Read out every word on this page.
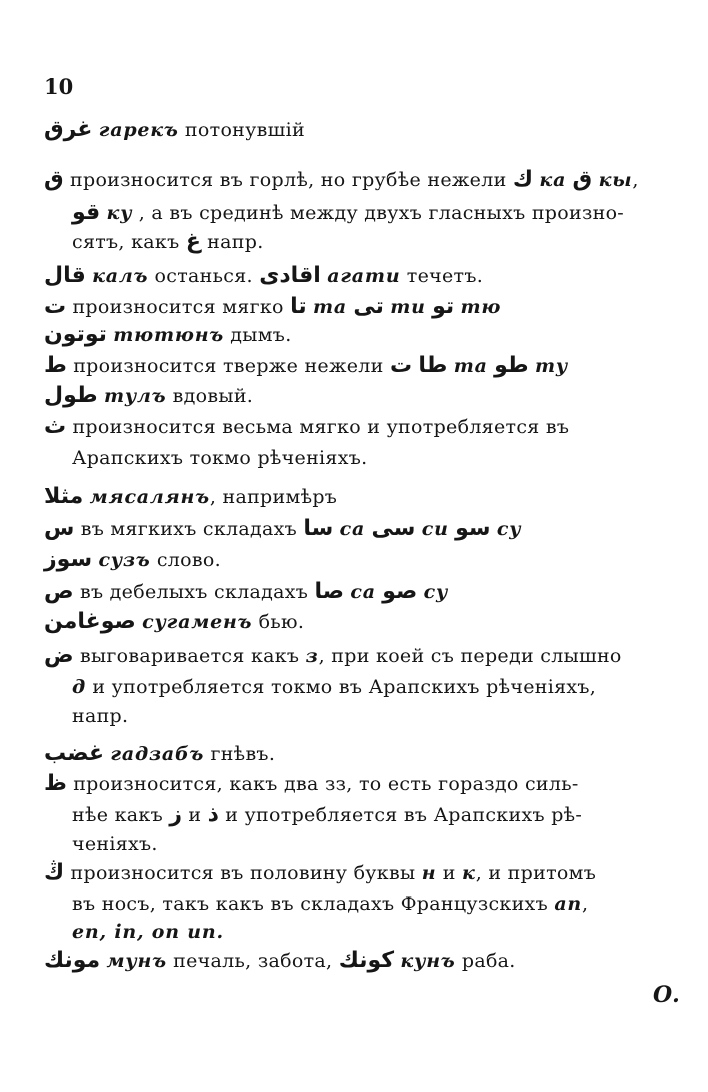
10
غرق гарекъ потонувшій
ق произносится въ горлѣ, но грубѣе нежели ك ка ق кы,
قو ку , а въ срединѣ между двухъ гласныхъ произно-
сятъ, какъ غ напр.
قال калъ останься. اقادى агати течетъ.
ت произносится мягко تا та تى ти تو тю
توتون тютюнъ дымъ.
ط произносится тверже нежели ت طا та طو ту
طول тулъ вдовый.
ث произносится весьма мягко и употребляется въ
Арапскихъ токмо рѣченіяхъ.
مثلا мясалянъ, напримѣръ
س въ мягкихъ складахъ سا са سى си سو су
سوز сузъ слово.
ص въ дебелыхъ складахъ صا са صو су
صوغامن сугаменъ бью.
ض выговаривается какъ з, при коей съ переди слышно
д и употребляется токмо въ Арапскихъ рѣченіяхъ,
напр.
غضب гадзабъ гнѣвъ.
ظ произносится, какъ два зз, то есть гораздо силь-
нѣе какъ ز и ذ и употребляется въ Арапскихъ рѣ-
ченіяхъ.
ڭ произносится въ половину буквы н и к, и притомъ
въ носъ, такъ какъ въ складахъ Французскихъ an,
en, in, on un.
مونك мунъ печаль, забота, كونك кунъ раба.
О.
